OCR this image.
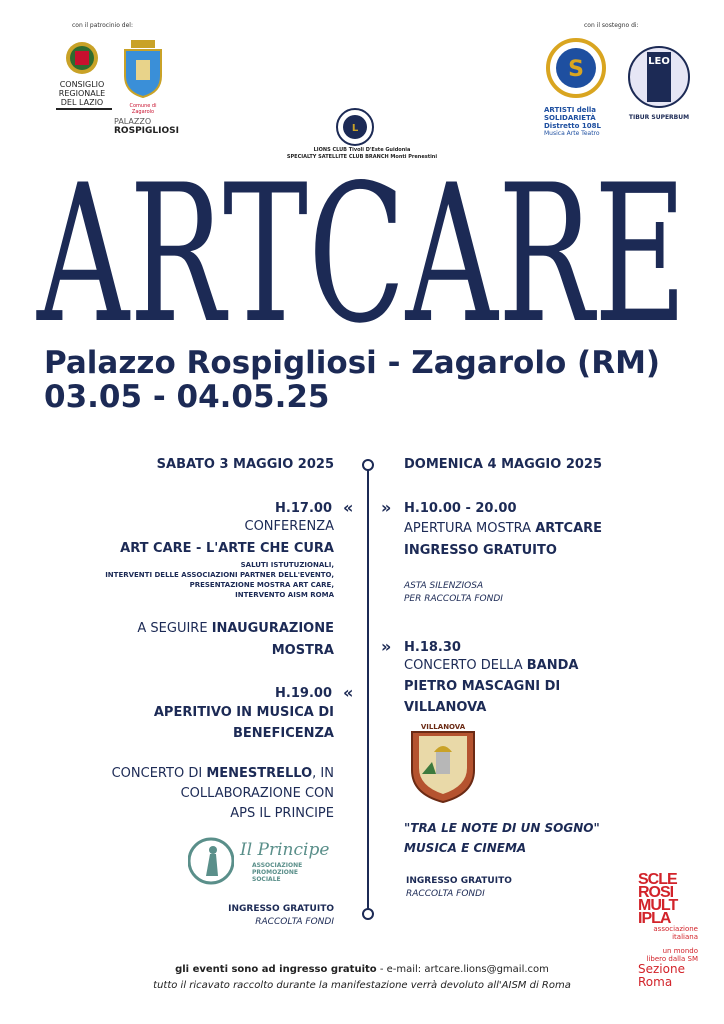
con il patrocinio del:	con il sostegno di:
CONSIGLIO
REGIONALE
DEL LAZIO	Comune di Zagarolo
PALAZZO
ROSPIGLIOSI	L
LIONS CLUB Tivoli D'Este Guidonia
SPECIALTY SATELLITE CLUB BRANCH Monti Prenestini
S
ARTISTI della
SOLIDARIETÀ
Distretto 108L
Musica Arte Teatro
LEO
TIBUR SUPERBUM
ARTCARE
Palazzo Rospigliosi - Zagarolo (RM)
03.05 - 04.05.25
SABATO 3 MAGGIO 2025	DOMENICA 4 MAGGIO 2025
«
H.17.00
CONFERENZA
ART CARE - L'ARTE CHE CURA
SALUTI ISTUTUZIONALI,
INTERVENTI DELLE ASSOCIAZIONI PARTNER DELL'EVENTO,
PRESENTAZIONE MOSTRA ART CARE,
INTERVENTO AISM ROMA
A SEGUIRE INAUGURAZIONE
MOSTRA
«
H.19.00
APERITIVO IN MUSICA DI
BENEFICENZA
CONCERTO DI MENESTRELLO, IN
COLLABORAZIONE CON
APS IL PRINCIPE
Il Principe
ASSOCIAZIONE
PROMOZIONE
SOCIALE
INGRESSO GRATUITO
RACCOLTA FONDI
» H.10.00 - 20.00
APERTURA MOSTRA ARTCARE
INGRESSO GRATUITO
ASTA SILENZIOSA
PER RACCOLTA FONDI
» H.18.30
CONCERTO DELLA BANDA
PIETRO MASCAGNI DI
VILLANOVA
VILLANOVA
"TRA LE NOTE DI UN SOGNO"
MUSICA E CINEMA
INGRESSO GRATUITO
RACCOLTA FONDI
SCLE
ROSI
MULT
IPLA
associazione
italiana
un mondo
libero dalla SM
Sezione
Roma
gli eventi sono ad ingresso gratuito - e-mail: artcare.lions@gmail.com
tutto il ricavato raccolto durante la manifestazione verrà devoluto all'AISM di Roma
